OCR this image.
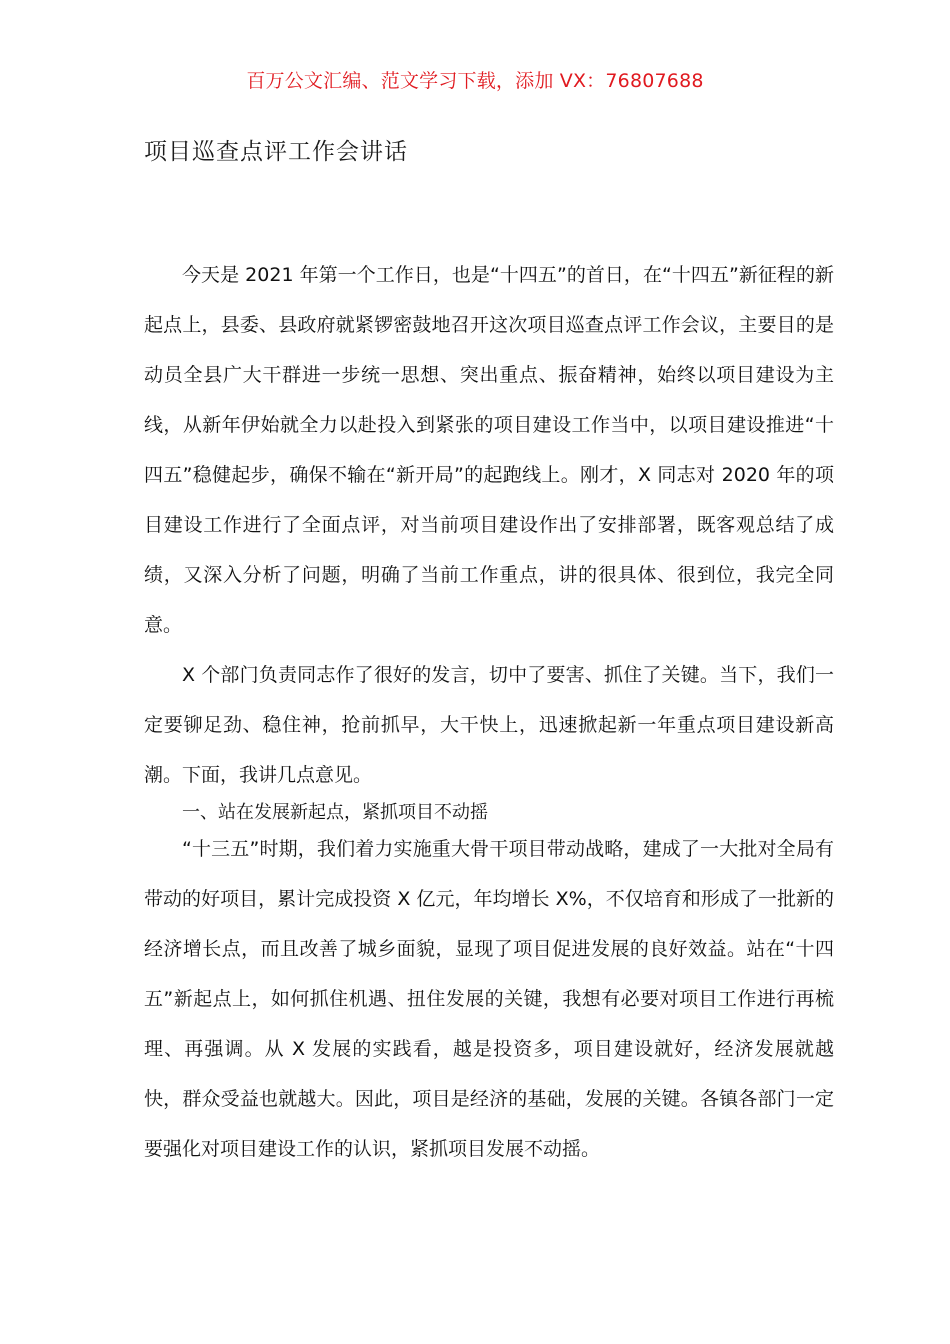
百万公文汇编、范文学习下载，添加 VX：76807688
项目巡查点评工作会讲话

今天是 2021 年第一个工作日，也是“十四五”的首日，在“十四五”新征程的新起点上，县委、县政府就紧锣密鼓地召开这次项目巡查点评工作会议，主要目的是动员全县广大干群进一步统一思想、突出重点、振奋精神，始终以项目建设为主线，从新年伊始就全力以赴投入到紧张的项目建设工作当中，以项目建设推进“十四五”稳健起步，确保不输在“新开局”的起跑线上。刚才，X 同志对 2020 年的项目建设工作进行了全面点评，对当前项目建设作出了安排部署，既客观总结了成绩，又深入分析了问题，明确了当前工作重点，讲的很具体、很到位，我完全同意。

X 个部门负责同志作了很好的发言，切中了要害、抓住了关键。当下，我们一定要铆足劲、稳住神，抢前抓早，大干快上，迅速掀起新一年重点项目建设新高潮。下面，我讲几点意见。

一、站在发展新起点，紧抓项目不动摇

“十三五”时期，我们着力实施重大骨干项目带动战略，建成了一大批对全局有带动的好项目，累计完成投资 X 亿元，年均增长 X%，不仅培育和形成了一批新的经济增长点，而且改善了城乡面貌，显现了项目促进发展的良好效益。站在“十四五”新起点上，如何抓住机遇、扭住发展的关键，我想有必要对项目工作进行再梳理、再强调。从 X 发展的实践看，越是投资多，项目建设就好，经济发展就越快，群众受益也就越大。因此，项目是经济的基础，发展的关键。各镇各部门一定要强化对项目建设工作的认识，紧抓项目发展不动摇。
